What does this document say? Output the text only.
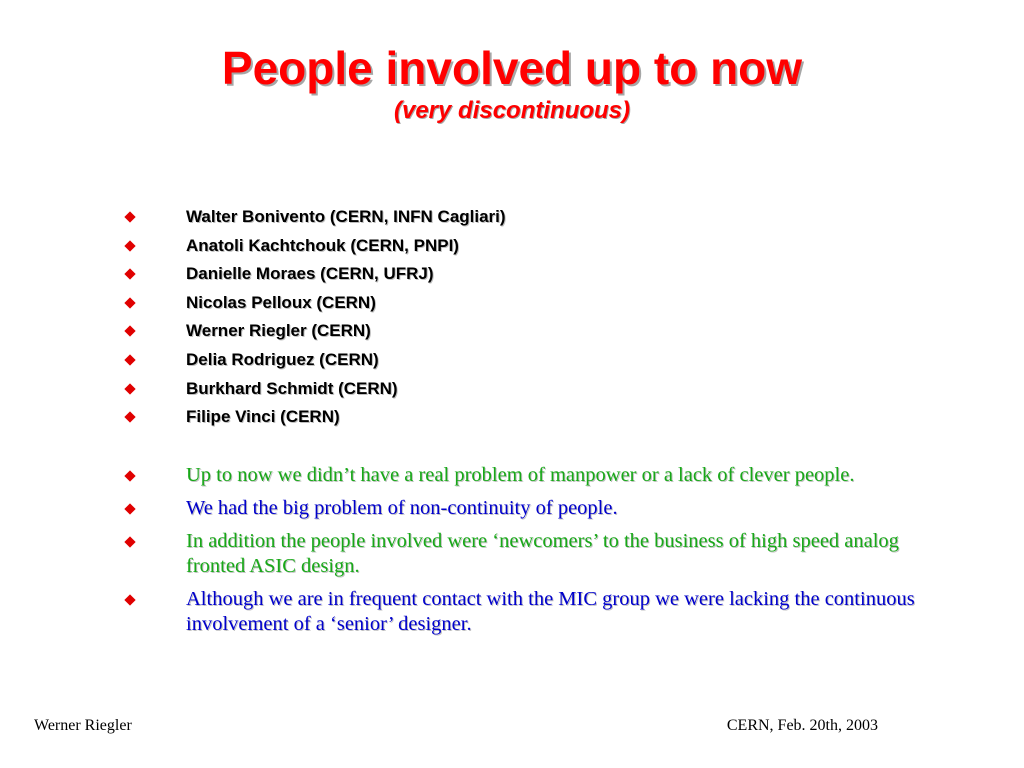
People involved up to now
(very discontinuous)
Walter Bonivento (CERN, INFN Cagliari)
Anatoli Kachtchouk (CERN, PNPI)
Danielle Moraes (CERN, UFRJ)
Nicolas Pelloux (CERN)
Werner Riegler (CERN)
Delia Rodriguez (CERN)
Burkhard Schmidt (CERN)
Filipe Vinci (CERN)
Up to now we didn’t have a real problem of manpower or a lack of clever people.
We had the big problem of non-continuity of people.
In addition the people involved were ‘newcomers’ to the business of high speed analog fronted ASIC design.
Although we are in frequent contact with the MIC group we were lacking the continuous involvement of a ‘senior’ designer.
Werner Riegler	CERN, Feb. 20th, 2003
